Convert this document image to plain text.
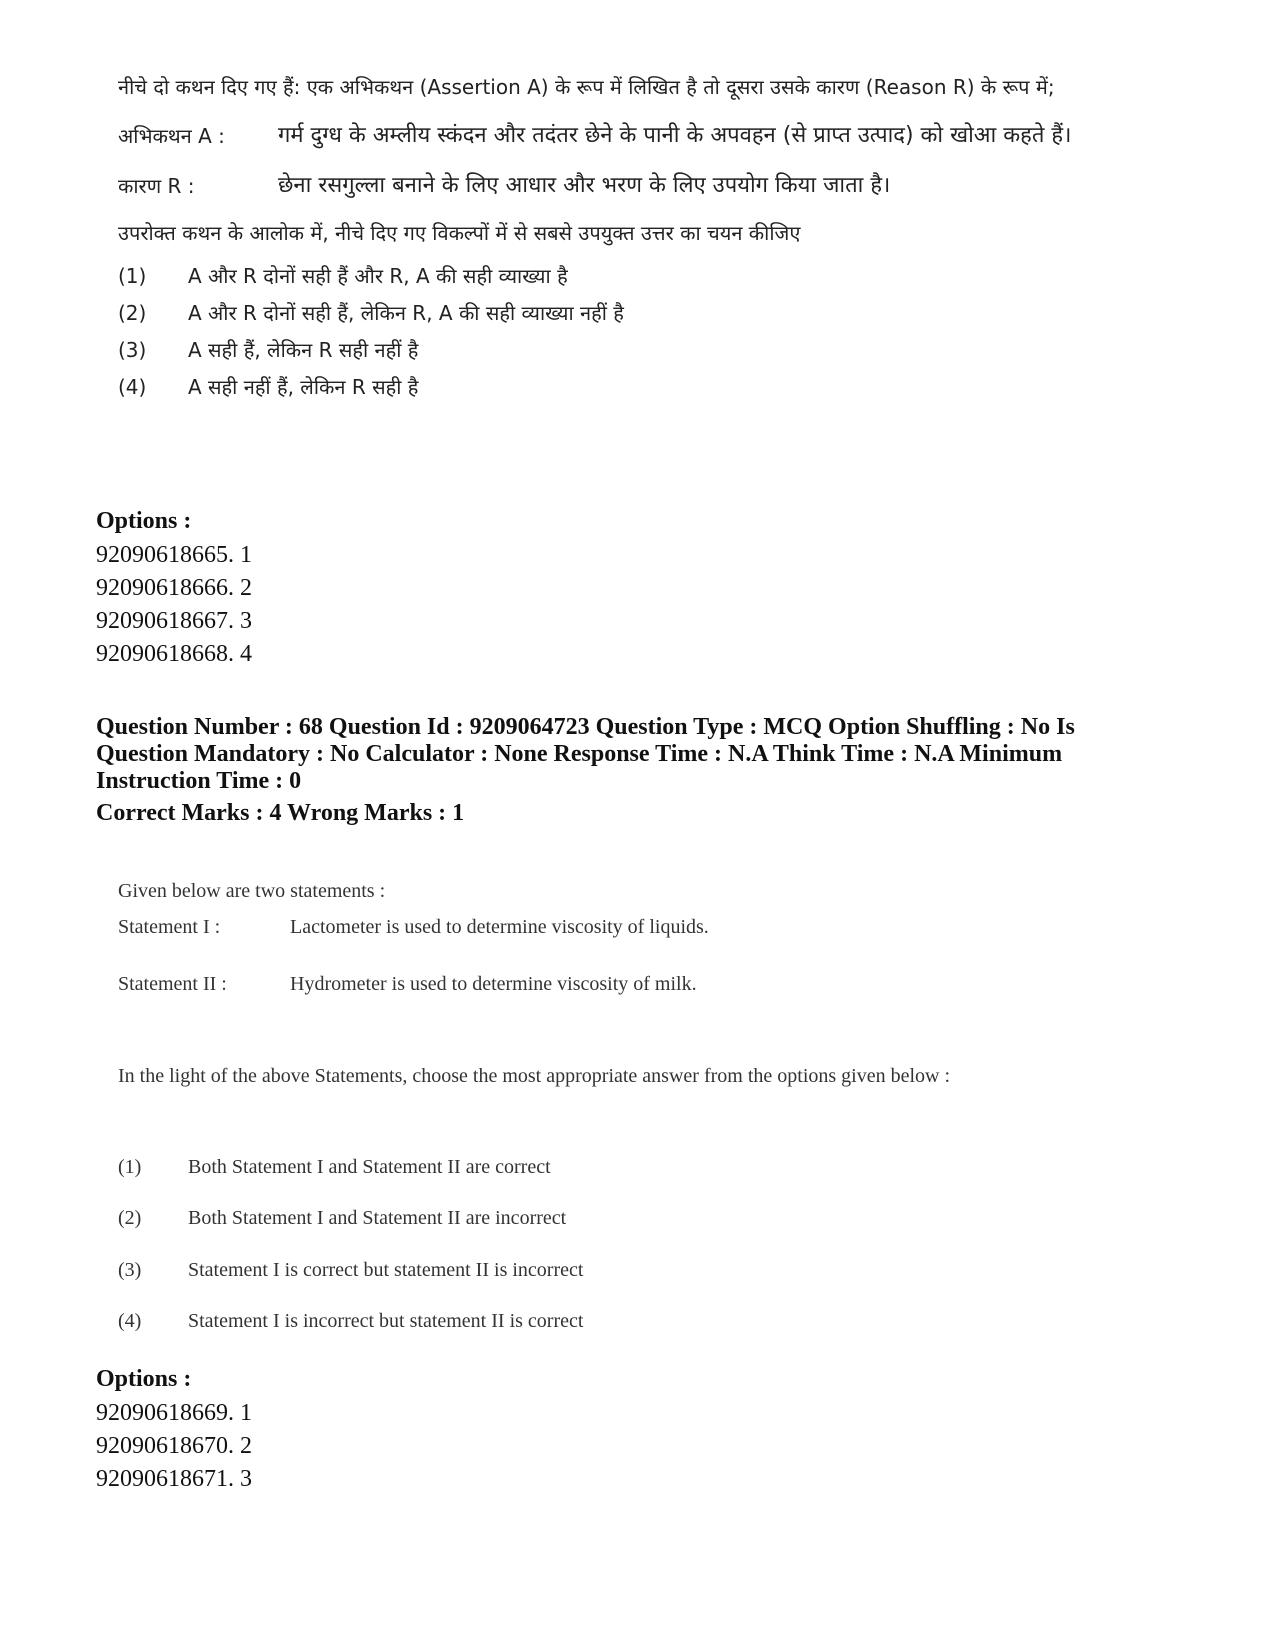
नीचे दो कथन दिए गए हैं: एक अभिकथन (Assertion A) के रूप में लिखित है तो दूसरा उसके कारण (Reason R) के रूप में;

अभिकथन A :	गर्म दुग्ध के अम्लीय स्कंदन और तदंतर छेने के पानी के अपवहन (से प्राप्त उत्पाद) को खोआ कहते हैं।
कारण R :	छेना रसगुल्ला बनाने के लिए आधार और भरण के लिए उपयोग किया जाता है।
उपरोक्त कथन के आलोक में, नीचे दिए गए विकल्पों में से सबसे उपयुक्त उत्तर का चयन कीजिए
(1)	A और R दोनों सही हैं और R, A की सही व्याख्या है
(2)	A और R दोनों सही हैं, लेकिन R, A की सही व्याख्या नहीं है
(3)	A सही हैं, लेकिन R सही नहीं है
(4)	A सही नहीं हैं, लेकिन R सही है
Options :
92090618665. 1
92090618666. 2
92090618667. 3
92090618668. 4
Question Number : 68 Question Id : 9209064723 Question Type : MCQ Option Shuffling : No Is
Question Mandatory : No Calculator : None Response Time : N.A Think Time : N.A Minimum
Instruction Time : 0
Correct Marks : 4 Wrong Marks : 1
Given below are two statements :
Statement I :	Lactometer is used to determine viscosity of liquids.
Statement II :	Hydrometer is used to determine viscosity of milk.
In the light of the above Statements, choose the most appropriate answer from the options given below :
(1)	Both Statement I and Statement II are correct
(2)	Both Statement I and Statement II are incorrect
(3)	Statement I is correct but statement II is incorrect
(4)	Statement I is incorrect but statement II is correct
Options :
92090618669. 1
92090618670. 2
92090618671. 3
